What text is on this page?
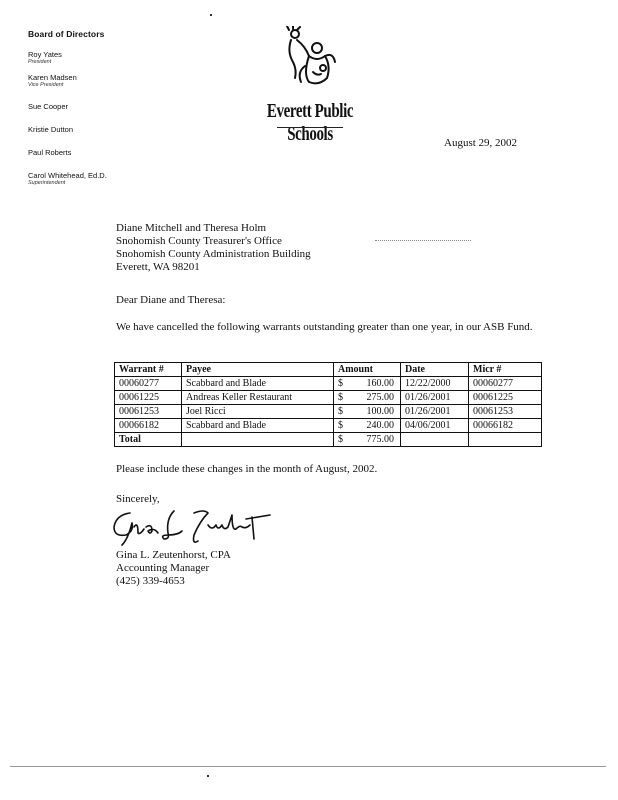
Board of Directors
Roy Yates
President
Karen Madsen
Vice President
Sue Cooper
Kristie Dutton
Paul Roberts
Carol Whitehead, Ed.D.
Superintendent
Everett Public Schools	August 29, 2002
Diane Mitchell and Theresa Holm
Snohomish County Treasurer's Office
Snohomish County Administration Building
Everett, WA 98201
Dear Diane and Theresa:
We have cancelled the following warrants outstanding greater than one year, in our ASB Fund.
Warrant #	Payee	Amount	Date	Micr #
00060277	Scabbard and Blade	$ 160.00	12/22/2000	00060277
00061225	Andreas Keller Restaurant	$ 275.00	01/26/2001	00061225
00061253	Joel Ricci	$ 100.00	01/26/2001	00061253
00066182	Scabbard and Blade	$ 240.00	04/06/2001	00066182
Total		$ 775.00		
Please include these changes in the month of August, 2002.
Sincerely,
Gina L. Zeutenhorst, CPA
Accounting Manager
(425) 339-4653
